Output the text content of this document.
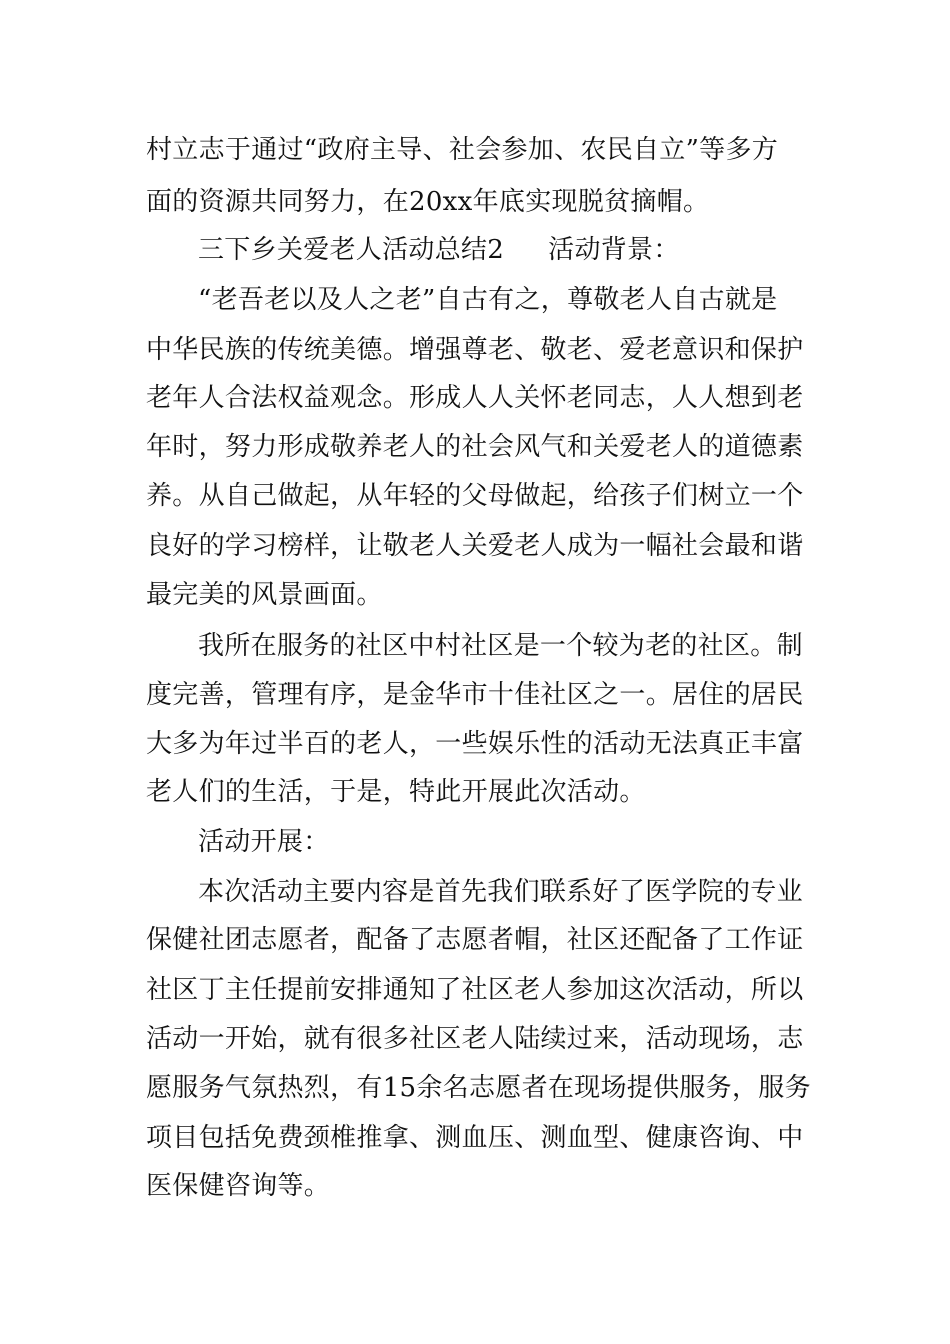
村立志于通过“政府主导、社会参加、农民自立”等多方
面的资源共同努力，在20xx年底实现脱贫摘帽。
三下乡关爱老人活动总结2 活动背景：
“老吾老以及人之老”自古有之，尊敬老人自古就是
中华民族的传统美德。增强尊老、敬老、爱老意识和保护
老年人合法权益观念。形成人人关怀老同志，人人想到老
年时，努力形成敬养老人的社会风气和关爱老人的道德素
养。从自己做起，从年轻的父母做起，给孩子们树立一个
良好的学习榜样，让敬老人关爱老人成为一幅社会最和谐
最完美的风景画面。
我所在服务的社区中村社区是一个较为老的社区。制
度完善，管理有序，是金华市十佳社区之一。居住的居民
大多为年过半百的老人，一些娱乐性的活动无法真正丰富
老人们的生活，于是，特此开展此次活动。
活动开展：
本次活动主要内容是首先我们联系好了医学院的专业
保健社团志愿者，配备了志愿者帽，社区还配备了工作证
社区丁主任提前安排通知了社区老人参加这次活动，所以
活动一开始，就有很多社区老人陆续过来，活动现场，志
愿服务气氛热烈，有15余名志愿者在现场提供服务，服务
项目包括免费颈椎推拿、测血压、测血型、健康咨询、中
医保健咨询等。
